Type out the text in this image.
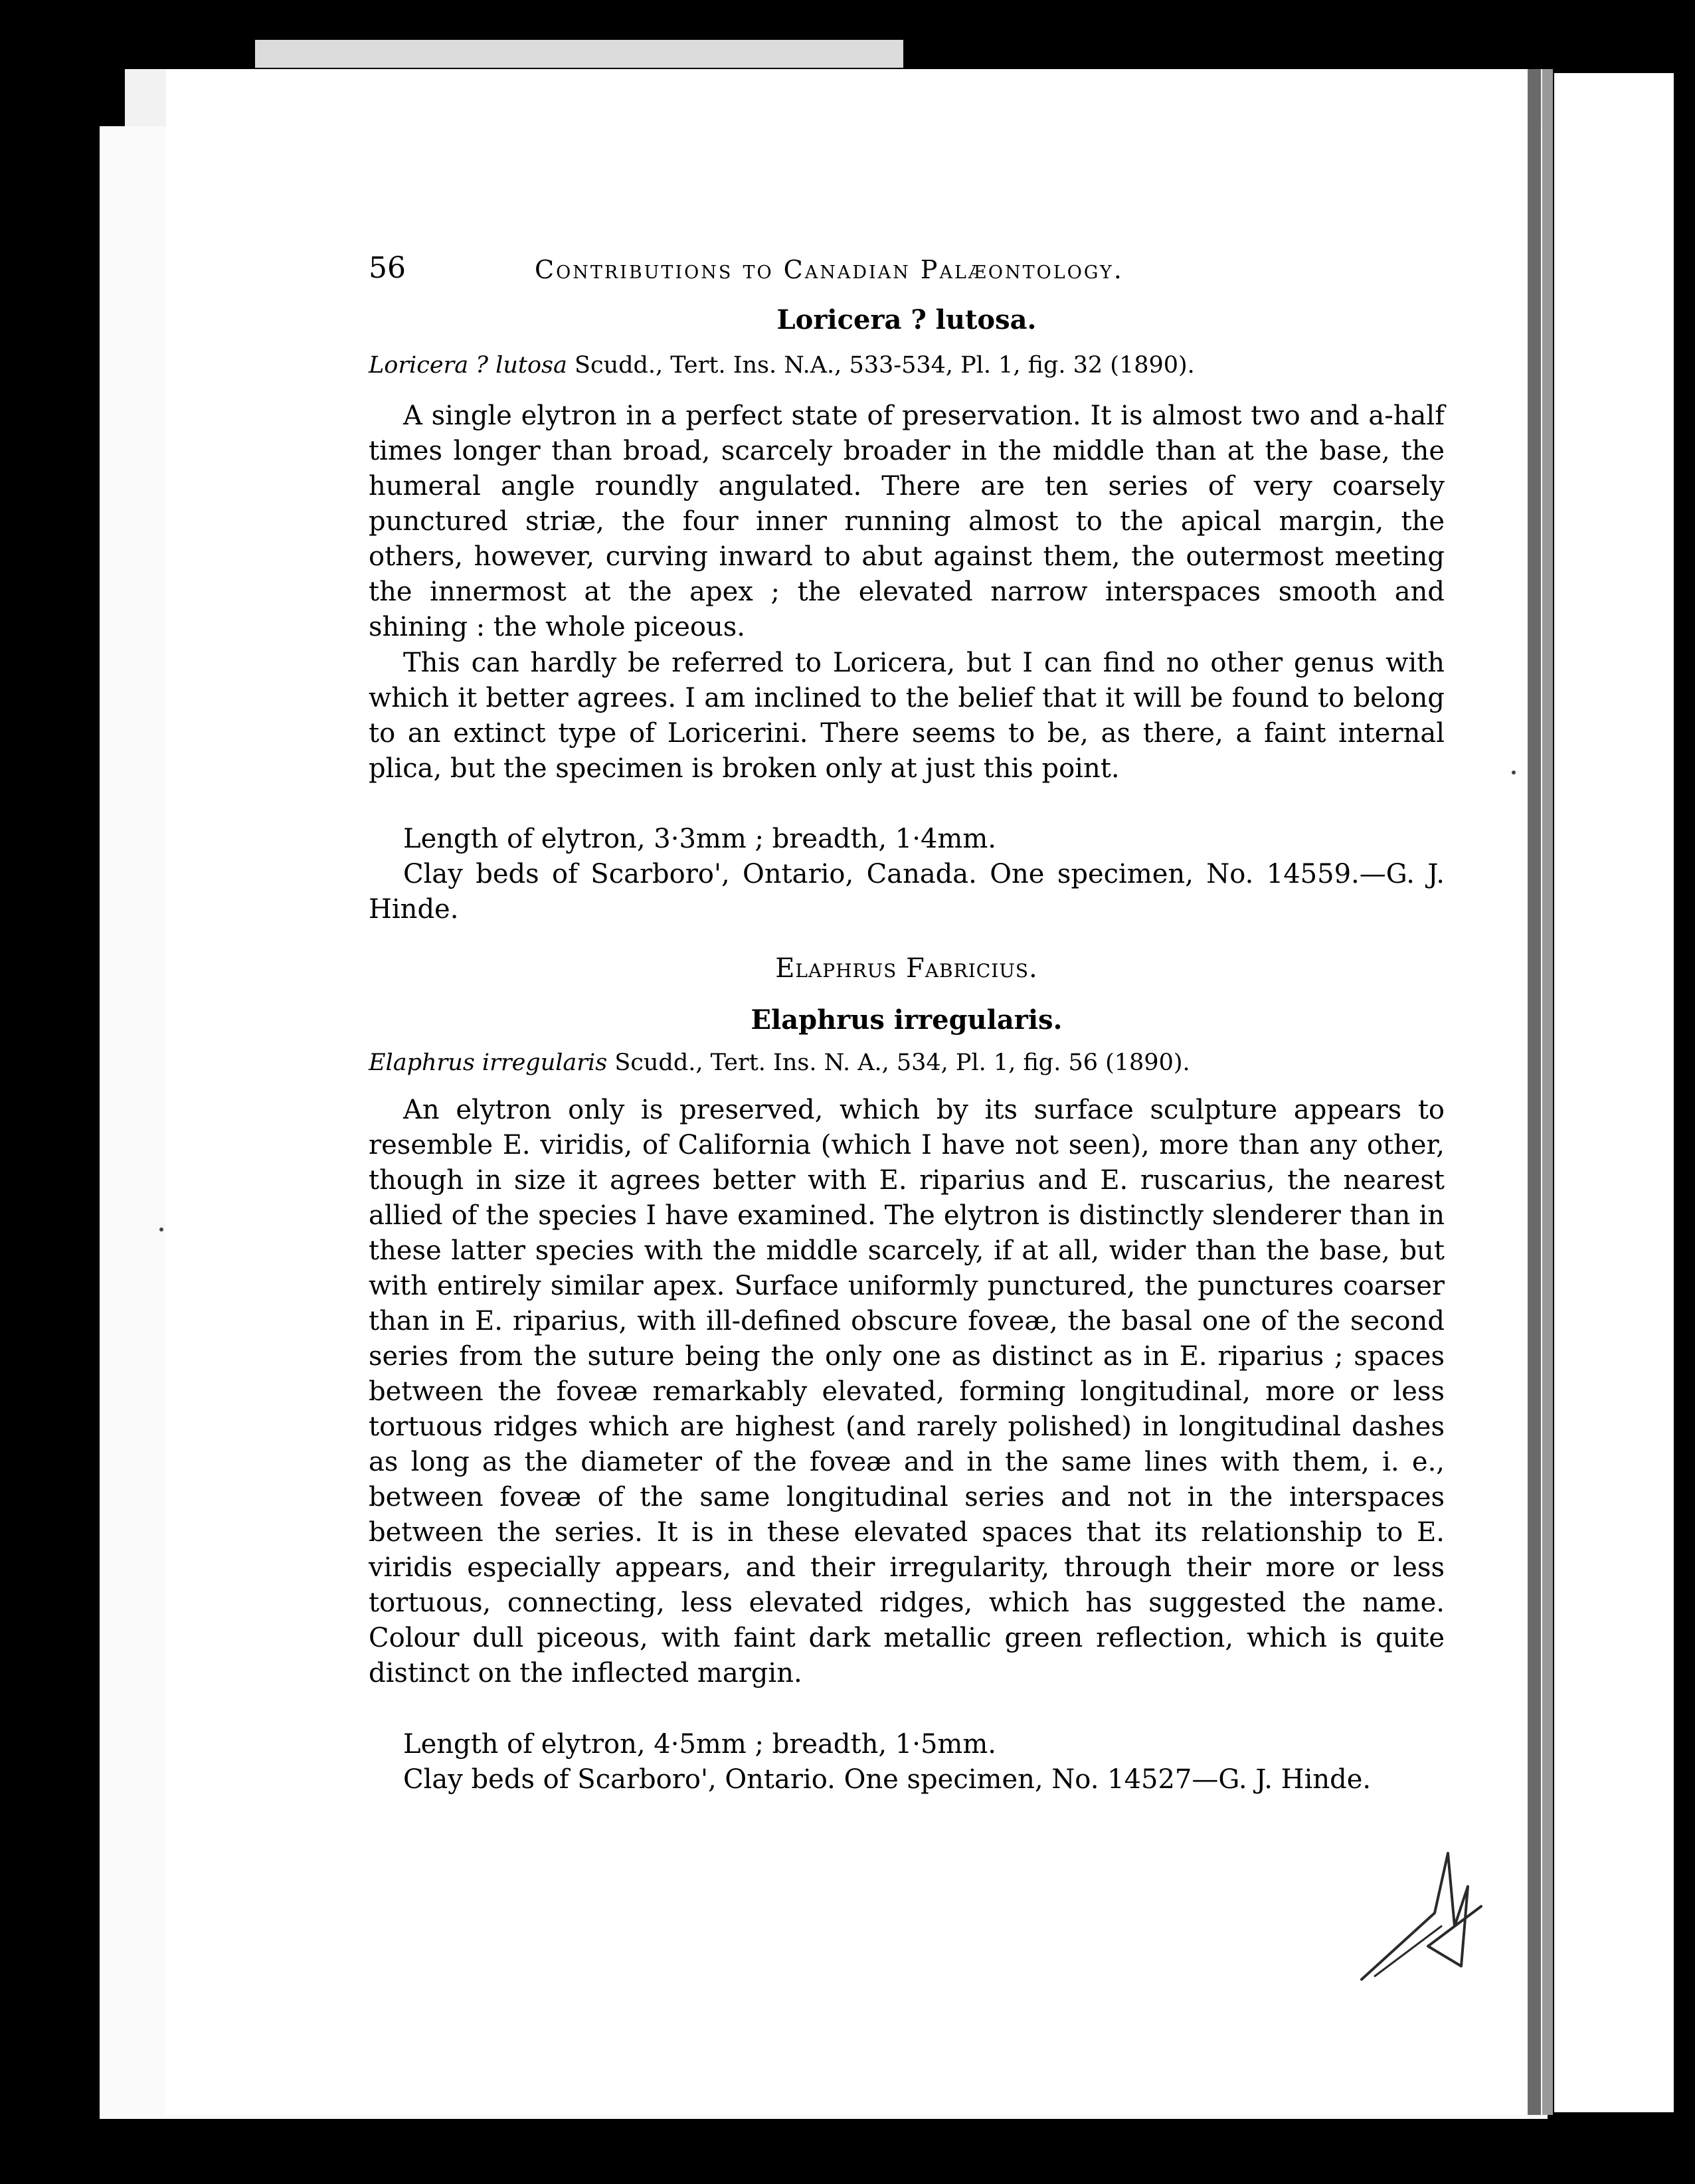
56	Contributions to Canadian Palæontology.
Loricera ? lutosa.
Loricera ? lutosa Scudd., Tert. Ins. N.A., 533-534, Pl. 1, fig. 32 (1890).

A single elytron in a perfect state of preservation. It is almost two and a-half times longer than broad, scarcely broader in the middle than at the base, the humeral angle roundly angulated. There are ten series of very coarsely punctured striæ, the four inner running almost to the apical margin, the others, however, curving inward to abut against them, the outermost meeting the innermost at the apex ; the elevated narrow interspaces smooth and shining : the whole piceous.

This can hardly be referred to Loricera, but I can find no other genus with which it better agrees. I am inclined to the belief that it will be found to belong to an extinct type of Loricerini. There seems to be, as there, a faint internal plica, but the specimen is broken only at just this point.

Length of elytron, 3·3mm ; breadth, 1·4mm.

Clay beds of Scarboro', Ontario, Canada. One specimen, No. 14559.—G. J. Hinde.

Elaphrus Fabricius.
Elaphrus irregularis.
Elaphrus irregularis Scudd., Tert. Ins. N. A., 534, Pl. 1, fig. 56 (1890).

An elytron only is preserved, which by its surface sculpture appears to resemble E. viridis, of California (which I have not seen), more than any other, though in size it agrees better with E. riparius and E. ruscarius, the nearest allied of the species I have examined. The elytron is distinctly slenderer than in these latter species with the middle scarcely, if at all, wider than the base, but with entirely similar apex. Surface uniformly punctured, the punctures coarser than in E. riparius, with ill-defined obscure foveæ, the basal one of the second series from the suture being the only one as distinct as in E. riparius ; spaces between the foveæ remarkably elevated, forming longitudinal, more or less tortuous ridges which are highest (and rarely polished) in longitudinal dashes as long as the diameter of the foveæ and in the same lines with them, i. e., between foveæ of the same longitudinal series and not in the interspaces between the series. It is in these elevated spaces that its relationship to E. viridis especially appears, and their irregularity, through their more or less tortuous, connecting, less elevated ridges, which has suggested the name. Colour dull piceous, with faint dark metallic green reflection, which is quite distinct on the inflected margin.

Length of elytron, 4·5mm ; breadth, 1·5mm.

Clay beds of Scarboro', Ontario. One specimen, No. 14527—G. J. Hinde.
